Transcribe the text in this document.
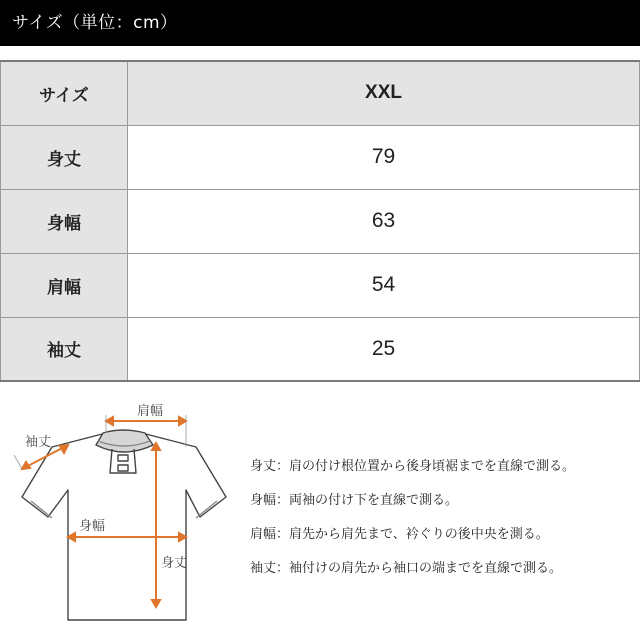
サイズ（単位：cm）
サイズ	XXL
身丈	79
身幅	63
肩幅	54
袖丈	25
肩幅
袖丈
身幅
身丈
身丈：肩の付け根位置から後身頃裾までを直線で測る。
身幅：両袖の付け下を直線で測る。
肩幅：肩先から肩先まで、衿ぐりの後中央を測る。
袖丈：袖付けの肩先から袖口の端までを直線で測る。
